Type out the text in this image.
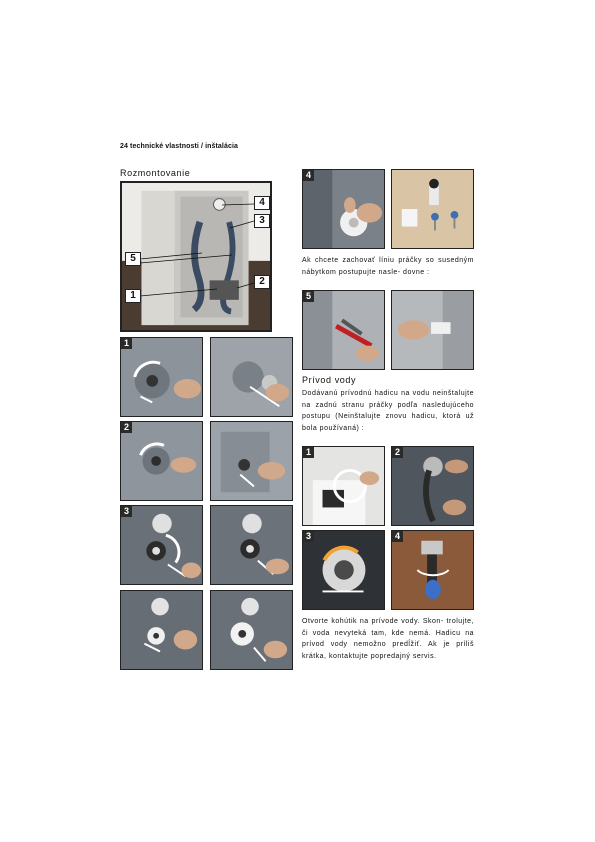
24 technické vlastnosti / inštalácia
Rozmontovanie
4
3
5
2
1
1
2
3
4
Ak chcete zachovať líniu práčky so susedným nábytkom postupujte nasle- dovne :
5
Prívod vody
Dodávanú prívodnú hadicu na vodu neinštalujte na zadnú stranu práčky podľa nasledujúceho postupu (Neinštalujte znovu hadicu, ktorá už bola používaná) :
1	2
3	4
Otvorte kohútik na prívode vody. Skon- trolujte, či voda nevyteká tam, kde nemá. Hadicu na prívod vody nemožno predĺžiť. Ak je príliš krátka, kontaktujte popredajný servis.
